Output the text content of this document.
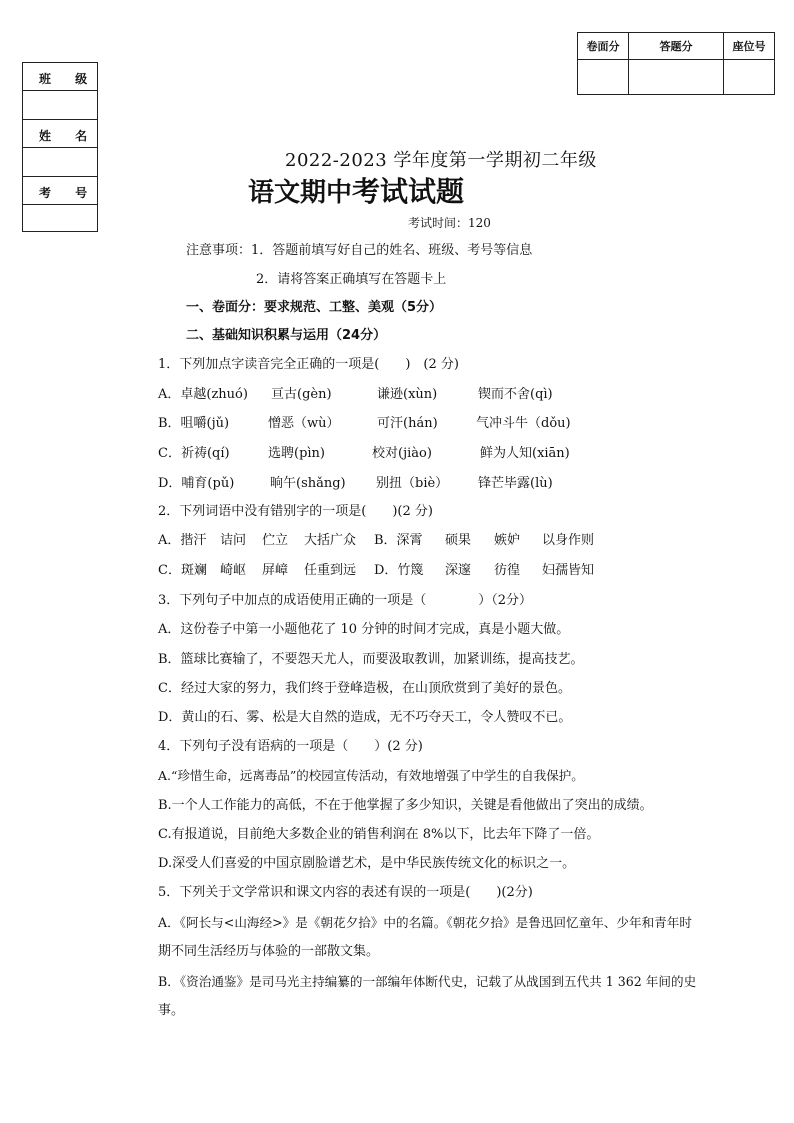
卷面分	答题分	座位号

班 级
姓 名
考 号
2022-2023 学年度第一学期初二年级
语文期中考试试题
考试时间：120
注意事项：1．答题前填写好自己的姓名、班级、考号等信息
2．请将答案正确填写在答题卡上
一、卷面分：要求规范、工整、美观（5分）
二、基础知识积累与运用（24分）
1．下列加点字读音完全正确的一项是(　　)　(2 分)
A．卓越(zhuó) 亘古(gèn)	谦逊(xùn)	锲而不舍(qì)
B．咀嚼(jǔ)	憎恶（wù）	可汗(hán)	气冲斗牛（dǒu)
C．祈祷(qí)	选聘(pìn)	校对(jiào)	鲜为人知(xiān)
D．哺育(pǔ)	晌午(shǎng) 别扭（biè） 锋芒毕露(lù)
2．下列词语中没有错别字的一项是(　　)(2 分)
A．揩汗 诘问 伫立 大括广众 B．深霄 硕果 嫉妒 以身作则
C．斑斓 崎岖 屏嶂 任重到远 D．竹篾 深邃 彷徨 妇孺皆知
3．下列句子中加点的成语使用正确的一项是（　　　　）（2分）
A．这份卷子中第一小题他花了 10 分钟的时间才完成，真是小题大做。
B．篮球比赛输了，不要怨天尤人，而要汲取教训，加紧训练，提高技艺。
C．经过大家的努力，我们终于登峰造极，在山顶欣赏到了美好的景色。
D．黄山的石、雾、松是大自然的造成，无不巧夺天工，令人赞叹不已。
4．下列句子没有语病的一项是（　　）(2 分)
A.“珍惜生命，远离毒品”的校园宣传活动，有效地增强了中学生的自我保护。
B.一个人工作能力的高低，不在于他掌握了多少知识，关键是看他做出了突出的成绩。
C.有报道说，目前绝大多数企业的销售利润在 8%以下，比去年下降了一倍。
D.深受人们喜爱的中国京剧脸谱艺术，是中华民族传统文化的标识之一。
5．下列关于文学常识和课文内容的表述有误的一项是(　　)(2分)
A．《阿长与<山海经>》是《朝花夕拾》中的名篇。《朝花夕拾》是鲁迅回忆童年、少年和青年时
期不同生活经历与体验的一部散文集。
B．《资治通鉴》是司马光主持编纂的一部编年体断代史，记载了从战国到五代共 1 362 年间的史
事。
